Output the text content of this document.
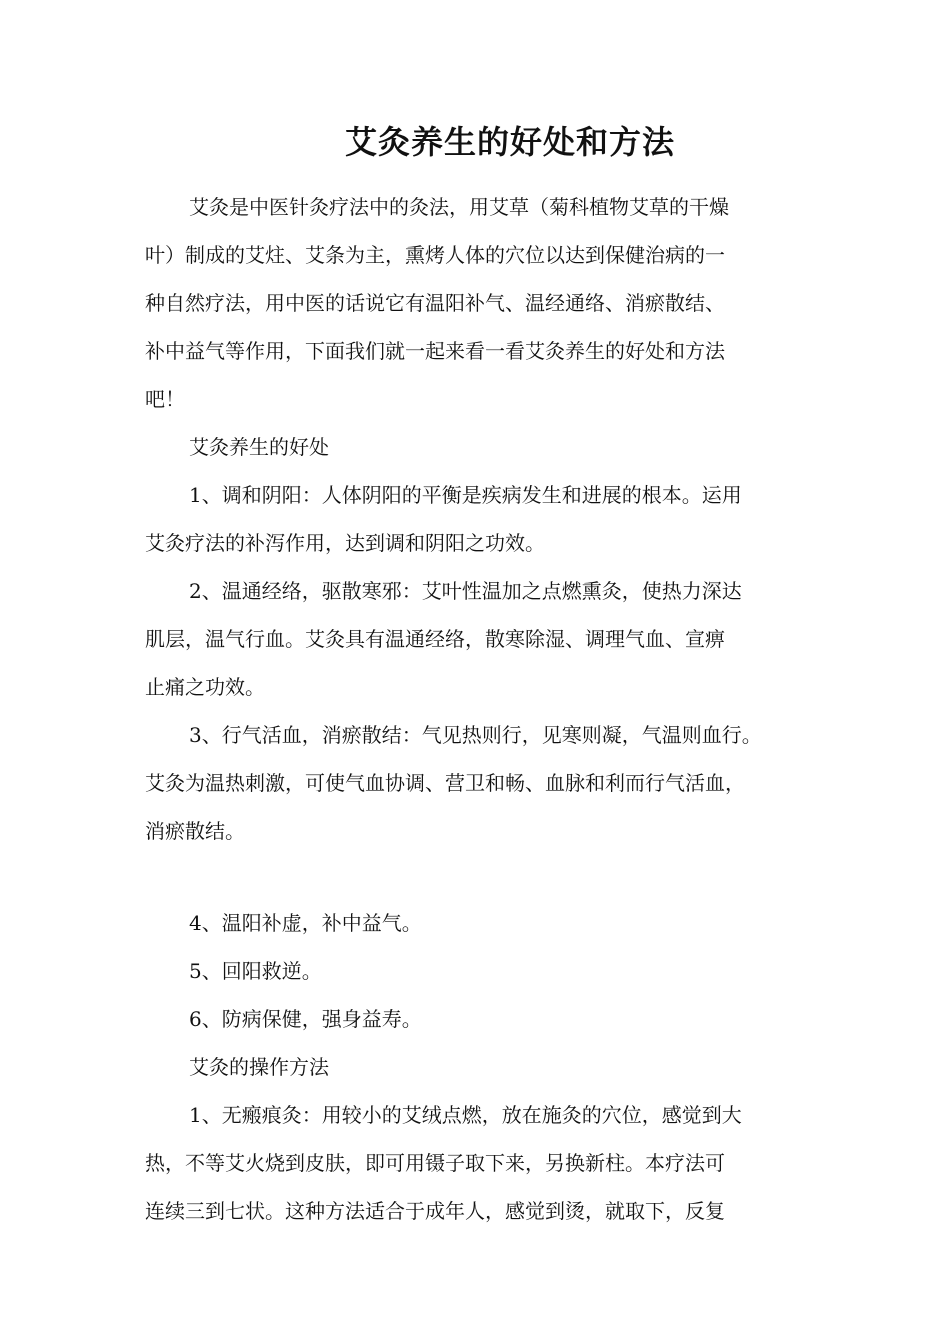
艾灸养生的好处和方法

艾灸是中医针灸疗法中的灸法，用艾草（菊科植物艾草的干燥
叶）制成的艾炷、艾条为主，熏烤人体的穴位以达到保健治病的一
种自然疗法，用中医的话说它有温阳补气、温经通络、消瘀散结、
补中益气等作用，下面我们就一起来看一看艾灸养生的好处和方法
吧！

艾灸养生的好处

1、调和阴阳：人体阴阳的平衡是疾病发生和进展的根本。运用
艾灸疗法的补泻作用，达到调和阴阳之功效。

2、温通经络，驱散寒邪：艾叶性温加之点燃熏灸，使热力深达
肌层，温气行血。艾灸具有温通经络，散寒除湿、调理气血、宣痹
止痛之功效。

3、行气活血，消瘀散结：气见热则行，见寒则凝，气温则血行。
艾灸为温热刺激，可使气血协调、营卫和畅、血脉和利而行气活血，
消瘀散结。

4、温阳补虚，补中益气。

5、回阳救逆。

6、防病保健，强身益寿。

艾灸的操作方法

1、无瘢痕灸：用较小的艾绒点燃，放在施灸的穴位，感觉到大
热，不等艾火烧到皮肤，即可用镊子取下来，另换新柱。本疗法可
连续三到七状。这种方法适合于成年人，感觉到烫，就取下，反复
